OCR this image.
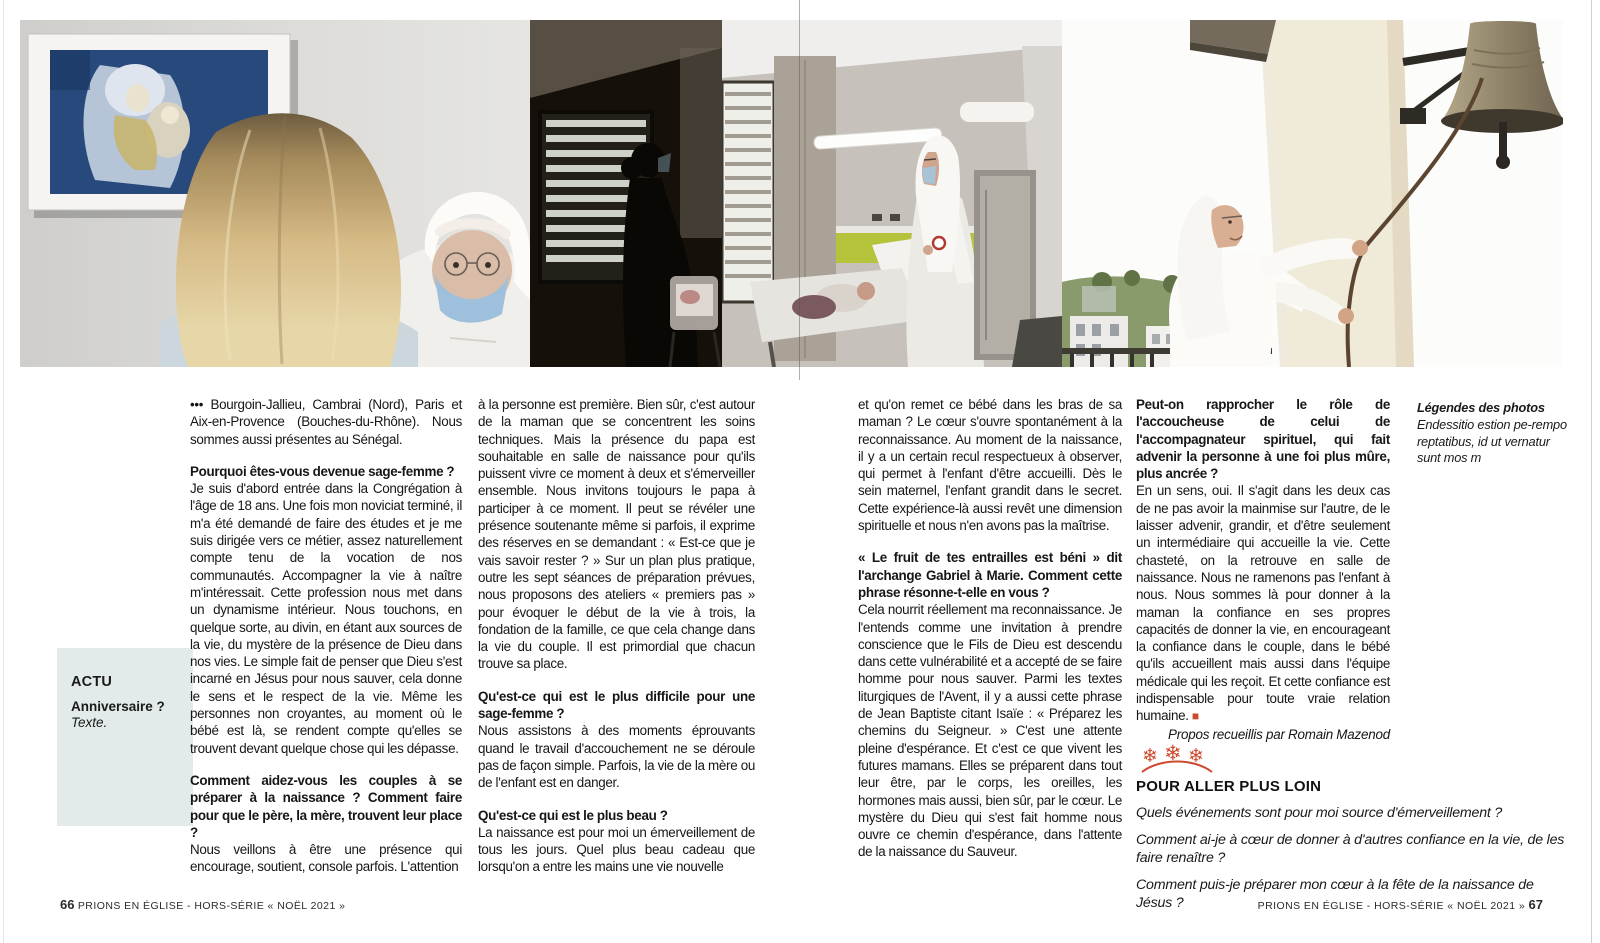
ACTU
Anniversaire ?
Texte.

••• Bourgoin-Jallieu, Cambrai (Nord), Paris et Aix-en-Provence (Bouches-du-Rhône). Nous sommes aussi présentes au Sénégal.

Pourquoi êtes-vous devenue sage-femme ?

Je suis d'abord entrée dans la Congrégation à l'âge de 18 ans. Une fois mon noviciat terminé, il m'a été demandé de faire des études et je me suis dirigée vers ce métier, assez naturellement compte tenu de la vocation de nos communautés. Accompagner la vie à naître m'intéressait. Cette profession nous met dans un dynamisme intérieur. Nous touchons, en quelque sorte, au divin, en étant aux sources de la vie, du mystère de la présence de Dieu dans nos vies. Le simple fait de penser que Dieu s'est incarné en Jésus pour nous sauver, cela donne le sens et le respect de la vie. Même les personnes non croyantes, au moment où le bébé est là, se rendent compte qu'elles se trouvent devant quelque chose qui les dépasse.

Comment aidez-vous les couples à se préparer à la naissance ? Comment faire pour que le père, la mère, trouvent leur place ?

Nous veillons à être une présence qui encourage, soutient, console parfois. L'attention

à la personne est première. Bien sûr, c'est autour de la maman que se concentrent les soins techniques. Mais la présence du papa est souhaitable en salle de naissance pour qu'ils puissent vivre ce moment à deux et s'émerveiller ensemble. Nous invitons toujours le papa à participer à ce moment. Il peut se révéler une présence soutenante même si parfois, il exprime des réserves en se demandant : « Est-ce que je vais savoir rester ? » Sur un plan plus pratique, outre les sept séances de préparation prévues, nous proposons des ateliers « premiers pas » pour évoquer le début de la vie à trois, la fondation de la famille, ce que cela change dans la vie du couple. Il est primordial que chacun trouve sa place.

Qu'est-ce qui est le plus difficile pour une sage-femme ?

Nous assistons à des moments éprouvants quand le travail d'accouchement ne se déroule pas de façon simple. Parfois, la vie de la mère ou de l'enfant est en danger.

Qu'est-ce qui est le plus beau ?

La naissance est pour moi un émerveillement de tous les jours. Quel plus beau cadeau que lorsqu'on a entre les mains une vie nouvelle

et qu'on remet ce bébé dans les bras de sa maman ? Le cœur s'ouvre spontanément à la reconnaissance. Au moment de la naissance, il y a un certain recul respectueux à observer, qui permet à l'enfant d'être accueilli. Dès le sein maternel, l'enfant grandit dans le secret. Cette expérience-là aussi revêt une dimension spirituelle et nous n'en avons pas la maîtrise.

« Le fruit de tes entrailles est béni » dit l'archange Gabriel à Marie. Comment cette phrase résonne-t-elle en vous ?

Cela nourrit réellement ma reconnaissance. Je l'entends comme une invitation à prendre conscience que le Fils de Dieu est descendu dans cette vulnérabilité et a accepté de se faire homme pour nous sauver. Parmi les textes liturgiques de l'Avent, il y a aussi cette phrase de Jean Baptiste citant Isaïe : « Préparez les chemins du Seigneur. » C'est une attente pleine d'espérance. Et c'est ce que vivent les futures mamans. Elles se préparent dans tout leur être, par le corps, les oreilles, les hormones mais aussi, bien sûr, par le cœur. Le mystère du Dieu qui s'est fait homme nous ouvre ce chemin d'espérance, dans l'attente de la naissance du Sauveur.

Peut-on rapprocher le rôle de l'accoucheuse de celui de l'accompagnateur spirituel, qui fait advenir la personne à une foi plus mûre, plus ancrée ?

En un sens, oui. Il s'agit dans les deux cas de ne pas avoir la mainmise sur l'autre, de le laisser advenir, grandir, et d'être seulement un intermédiaire qui accueille la vie. Cette chasteté, on la retrouve en salle de naissance. Nous ne ramenons pas l'enfant à nous. Nous sommes là pour donner à la maman la confiance en ses propres capacités de donner la vie, en encourageant la confiance dans le couple, dans le bébé qu'ils accueillent mais aussi dans l'équipe médicale qui les reçoit. Et cette confiance est indispensable pour toute vraie relation humaine. ■

Propos recueillis par Romain Mazenod

Légendes des photos
Endessitio estion pe-rempo reptatibus, id ut vernatur sunt mos m
❄ ❄ ❄
POUR ALLER PLUS LOIN
Quels événements sont pour moi source d'émerveillement ?
Comment ai-je à cœur de donner à d'autres confiance en la vie, de les faire renaître ?
Comment puis-je préparer mon cœur à la fête de la naissance de Jésus ?
66 PRIONS EN ÉGLISE - HORS-SÉRIE « NOËL 2021 »	PRIONS EN ÉGLISE - HORS-SÉRIE « NOËL 2021 » 67
